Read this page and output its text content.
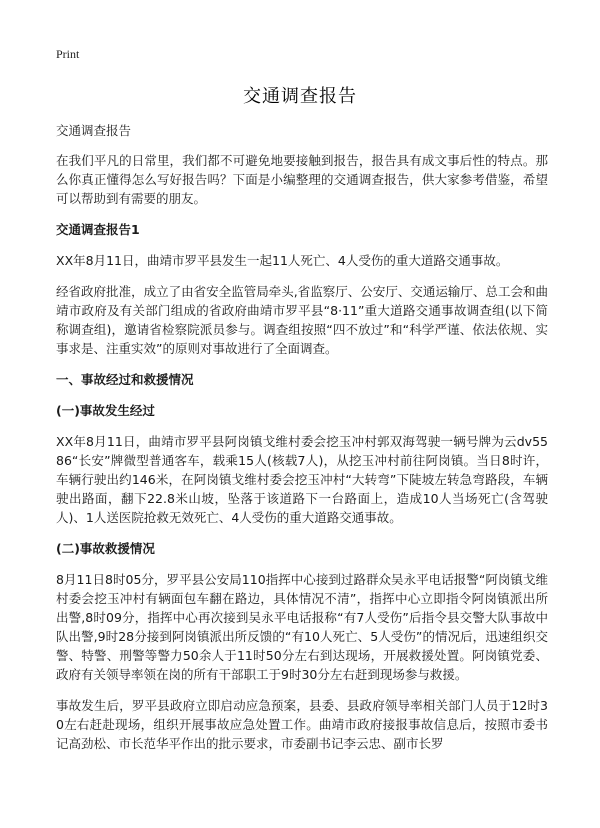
Print
交通调查报告

交通调查报告

在我们平凡的日常里，我们都不可避免地要接触到报告，报告具有成文事后性的特点。那么你真正懂得怎么写好报告吗？下面是小编整理的交通调查报告，供大家参考借鉴，希望可以帮助到有需要的朋友。

交通调查报告1

XX年8月11日，曲靖市罗平县发生一起11人死亡、4人受伤的重大道路交通事故。

经省政府批准，成立了由省安全监管局牵头,省监察厅、公安厅、交通运输厅、总工会和曲靖市政府及有关部门组成的省政府曲靖市罗平县“8·11”重大道路交通事故调查组(以下简称调查组)，邀请省检察院派员参与。调查组按照“四不放过”和“科学严谨、依法依规、实事求是、注重实效”的原则对事故进行了全面调查。

一、事故经过和救援情况

(一)事故发生经过

XX年8月11日，曲靖市罗平县阿岗镇戈维村委会挖玉冲村郭双海驾驶一辆号牌为云dv5586“长安”牌微型普通客车，载乘15人(核载7人)，从挖玉冲村前往阿岗镇。当日8时许，车辆行驶出约146米，在阿岗镇戈维村委会挖玉冲村“大转弯”下陡坡左转急弯路段，车辆驶出路面，翻下22.8米山坡，坠落于该道路下一台路面上，造成10人当场死亡(含驾驶人)、1人送医院抢救无效死亡、4人受伤的重大道路交通事故。

(二)事故救援情况

8月11日8时05分，罗平县公安局110指挥中心接到过路群众吴永平电话报警“阿岗镇戈维村委会挖玉冲村有辆面包车翻在路边，具体情况不清”，指挥中心立即指令阿岗镇派出所出警,8时09分，指挥中心再次接到吴永平电话报称“有7人受伤”后指令县交警大队事故中队出警,9时28分接到阿岗镇派出所反馈的“有10人死亡、5人受伤”的情况后，迅速组织交警、特警、刑警等警力50余人于11时50分左右到达现场，开展救援处置。阿岗镇党委、政府有关领导率领在岗的所有干部职工于9时30分左右赶到现场参与救援。

事故发生后，罗平县政府立即启动应急预案，县委、县政府领导率相关部门人员于12时30左右赶赴现场，组织开展事故应急处置工作。曲靖市政府接报事故信息后，按照市委书记高劲松、市长范华平作出的批示要求，市委副书记李云忠、副市长罗
